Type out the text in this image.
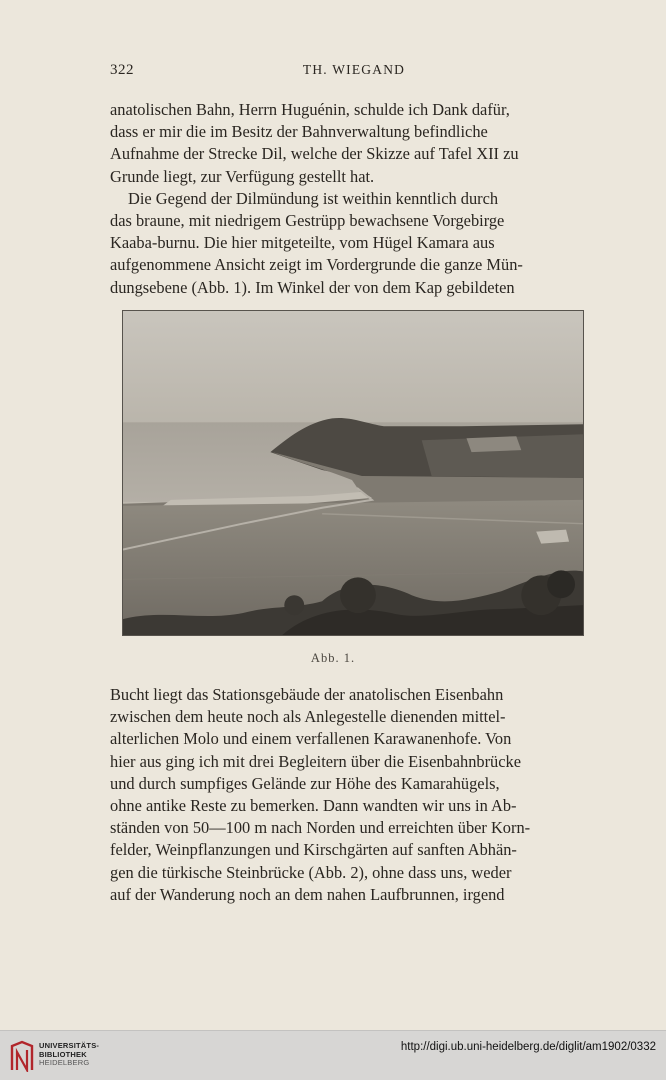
322	TH. WIEGAND

anatolischen Bahn, Herrn Huguénin, schulde ich Dank dafür,

dass er mir die im Besitz der Bahnverwaltung befindliche

Aufnahme der Strecke Dil, welche der Skizze auf Tafel XII zu

Grunde liegt, zur Verfügung gestellt hat.

Die Gegend der Dilmündung ist weithin kenntlich durch

das braune, mit niedrigem Gestrüpp bewachsene Vorgebirge

Kaaba-burnu. Die hier mitgeteilte, vom Hügel Kamara aus

aufgenommene Ansicht zeigt im Vordergrunde die ganze Mün-

dungsebene (Abb. 1). Im Winkel der von dem Kap gebildeten

Abb. 1.

Bucht liegt das Stationsgebäude der anatolischen Eisenbahn

zwischen dem heute noch als Anlegestelle dienenden mittel-

alterlichen Molo und einem verfallenen Karawanenhofe. Von

hier aus ging ich mit drei Begleitern über die Eisenbahnbrücke

und durch sumpfiges Gelände zur Höhe des Kamarahügels,

ohne antike Reste zu bemerken. Dann wandten wir uns in Ab-

ständen von 50—100 m nach Norden und erreichten über Korn-

felder, Weinpflanzungen und Kirschgärten auf sanften Abhän-

gen die türkische Steinbrücke (Abb. 2), ohne dass uns, weder

auf der Wanderung noch an dem nahen Laufbrunnen, irgend

UNIVERSITÄTS-
BIBLIOTHEK
HEIDELBERG
http://digi.ub.uni-heidelberg.de/diglit/am1902/0332
